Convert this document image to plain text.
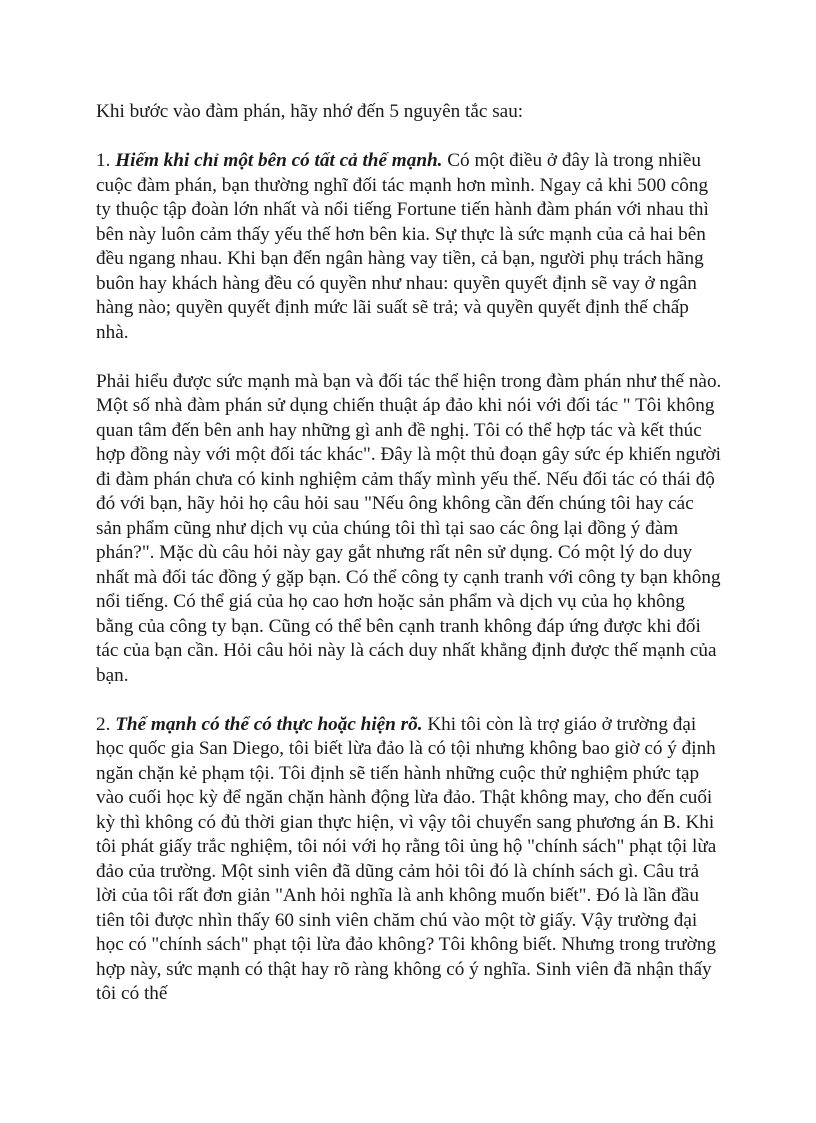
Khi bước vào đàm phán, hãy nhớ đến 5 nguyên tắc sau:

1. Hiếm khi chỉ một bên có tất cả thế mạnh. Có một điều ở đây là trong nhiều cuộc đàm phán, bạn thường nghĩ đối tác mạnh hơn mình. Ngay cả khi 500 công ty thuộc tập đoàn lớn nhất và nổi tiếng Fortune tiến hành đàm phán với nhau thì bên này luôn cảm thấy yếu thế hơn bên kia. Sự thực là sức mạnh của cả hai bên đều ngang nhau. Khi bạn đến ngân hàng vay tiền, cả bạn, người phụ trách hãng buôn hay khách hàng đều có quyền như nhau: quyền quyết định sẽ vay ở ngân hàng nào; quyền quyết định mức lãi suất sẽ trả; và quyền quyết định thế chấp nhà.

Phải hiểu được sức mạnh mà bạn và đối tác thể hiện trong đàm phán như thế nào. Một số nhà đàm phán sử dụng chiến thuật áp đảo khi nói với đối tác " Tôi không quan tâm đến bên anh hay những gì anh đề nghị. Tôi có thể hợp tác và kết thúc hợp đồng này với một đối tác khác". Đây là một thủ đoạn gây sức ép khiến người đi đàm phán chưa có kinh nghiệm cảm thấy mình yếu thế. Nếu đối tác có thái độ đó với bạn, hãy hỏi họ câu hỏi sau "Nếu ông không cần đến chúng tôi hay các sản phẩm cũng như dịch vụ của chúng tôi thì tại sao các ông lại đồng ý đàm phán?". Mặc dù câu hỏi này gay gắt nhưng rất nên sử dụng. Có một lý do duy nhất mà đối tác đồng ý gặp bạn. Có thể công ty cạnh tranh với công ty bạn không nổi tiếng. Có thể giá của họ cao hơn hoặc sản phẩm và dịch vụ của họ không bằng của công ty bạn. Cũng có thể bên cạnh tranh không đáp ứng được khi đối tác của bạn cần. Hỏi câu hỏi này là cách duy nhất khẳng định được thế mạnh của bạn.

2. Thế mạnh có thể có thực hoặc hiện rõ. Khi tôi còn là trợ giáo ở trường đại học quốc gia San Diego, tôi biết lừa đảo là có tội nhưng không bao giờ có ý định ngăn chặn kẻ phạm tội. Tôi định sẽ tiến hành những cuộc thử nghiệm phức tạp vào cuối học kỳ để ngăn chặn hành động lừa đảo. Thật không may, cho đến cuối kỳ thì không có đủ thời gian thực hiện, vì vậy tôi chuyển sang phương án B. Khi tôi phát giấy trắc nghiệm, tôi nói với họ rằng tôi ủng hộ "chính sách" phạt tội lừa đảo của trường. Một sinh viên đã dũng cảm hỏi tôi đó là chính sách gì. Câu trả lời của tôi rất đơn giản "Anh hỏi nghĩa là anh không muốn biết". Đó là lần đầu tiên tôi được nhìn thấy 60 sinh viên chăm chú vào một tờ giấy. Vậy trường đại học có "chính sách" phạt tội lừa đảo không? Tôi không biết. Nhưng trong trường hợp này, sức mạnh có thật hay rõ ràng không có ý nghĩa. Sinh viên đã nhận thấy tôi có thế
